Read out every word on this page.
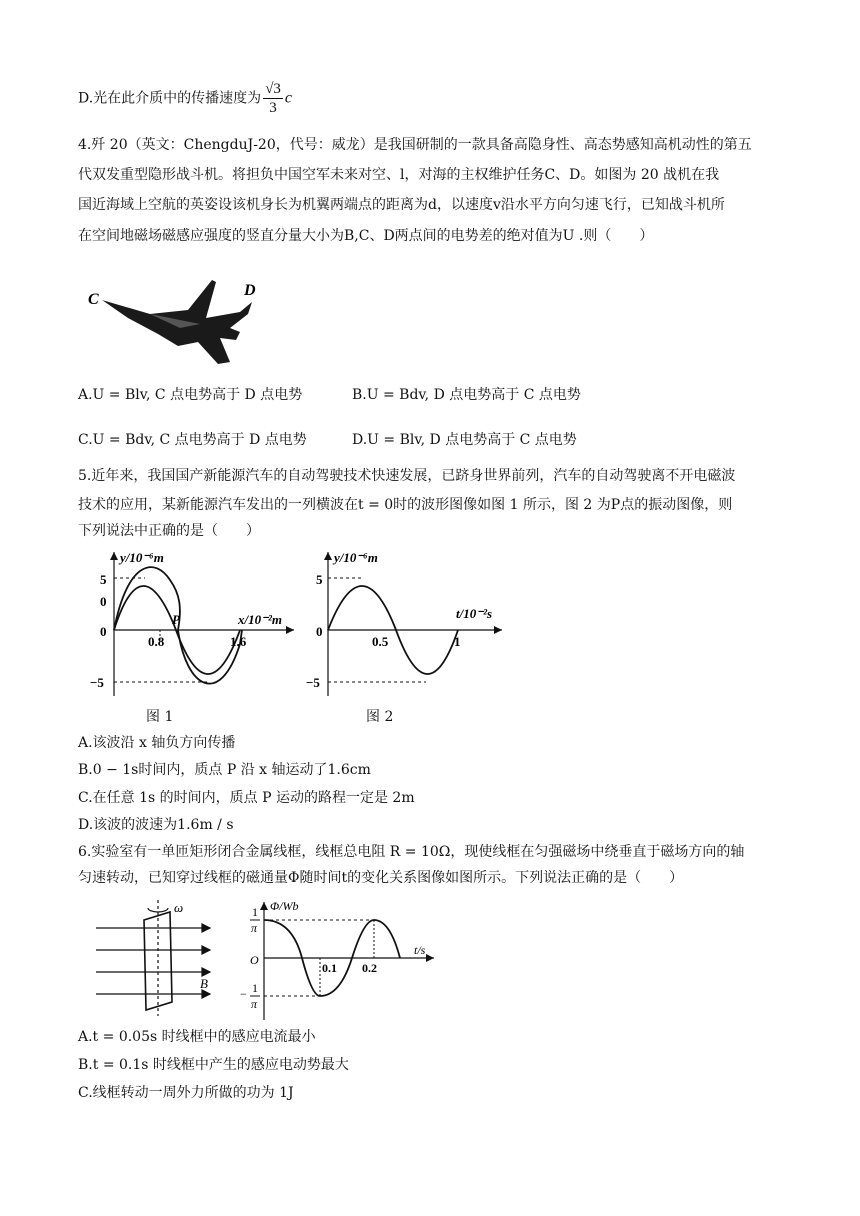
D.光在此介质中的传播速度为 $\frac{√3}{3}$ c
4.歼 20（英文：ChengduJ-20，代号：威龙）是我国研制的一款具备高隐身性、高态势感知高机动性的第五
代双发重型隐形战斗机。将担负中国空军未来对空、l，对海的主权维护任务C、D。如图为 20 战机在我
国近海域上空航的英姿设该机身长为机翼两端点的距离为d，以速度v沿水平方向匀速飞行，已知战斗机所
在空间地磁场磁感应强度的竖直分量大小为B,C、D两点间的电势差的绝对值为U .则（　　）
C
D
A.U = Blv, C 点电势高于 D 点电势	B.U = Bdv, D 点电势高于 C 点电势
C.U = Bdv, C 点电势高于 D 点电势	D.U = Blv, D 点电势高于 C 点电势
5.近年来，我国国产新能源汽车的自动驾驶技术快速发展，已跻身世界前列，汽车的自动驾驶离不开电磁波
技术的应用，某新能源汽车发出的一列横波在t = 0时的波形图像如图 1 所示，图 2 为P点的振动图像，则
下列说法中正确的是（　　）
y/10⁻⁶m
x/10⁻²m
5
0
0
−5
0.8	1.6
P
图 1
y/10⁻⁶m
t/10⁻²s
5
0
−5
0.5	1
图 2
A.该波沿 x 轴负方向传播
B.0 − 1s时间内，质点 P 沿 x 轴运动了1.6cm
C.在任意 1s 的时间内，质点 P 运动的路程一定是 2m
D.该波的波速为1.6m / s
6.实验室有一单匝矩形闭合金属线框，线框总电阻 R = 10Ω，现使线框在匀强磁场中绕垂直于磁场方向的轴
匀速转动，已知穿过线框的磁通量Φ随时间t的变化关系图像如图所示。下列说法正确的是（　　）
ω
B
Φ/Wb
1
π
O
− 1
π
0.1 0.2
t/s
A.t = 0.05s 时线框中的感应电流最小
B.t = 0.1s 时线框中产生的感应电动势最大
C.线框转动一周外力所做的功为 1J
